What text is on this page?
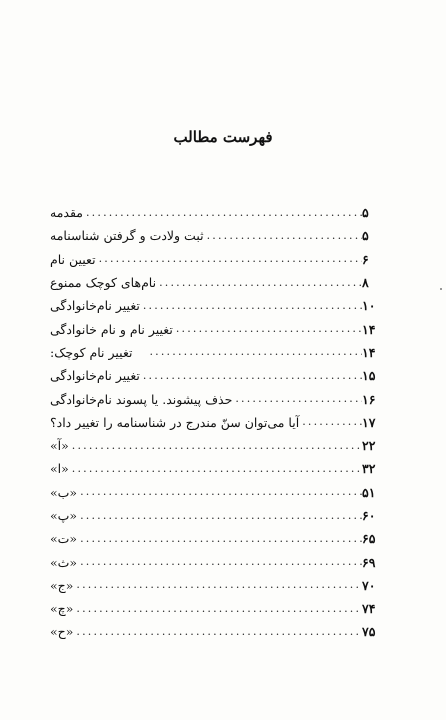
فهرست مطالب
مقدمه .....	۵
ثبت ولادت و گرفتن شناسنامه .....	۵
تعیین نام .....	۶
نام‌های کوچک ممنوع .....	۸
تغییر نام‌خانوادگی .....	۱۰
تغییر نام و نام خانوادگی .....	۱۴
تغییر نام کوچک: .....	۱۴
تغییر نام‌خانوادگی .....	۱۵
حذف پیشوند. یا پسوند نام‌خانوادگی .....	۱۶
آیا می‌توان سنّ مندرج در شناسنامه را تغییر داد؟ .....	۱۷
«آ» .....	۲۲
«ا» .....	۳۲
«ب» .....	۵۱
«پ» .....	۶۰
«ت» .....	۶۵
«ث» .....	۶۹
«ج» .....	۷۰
«چ» .....	۷۴
«ح» .....	۷۵
